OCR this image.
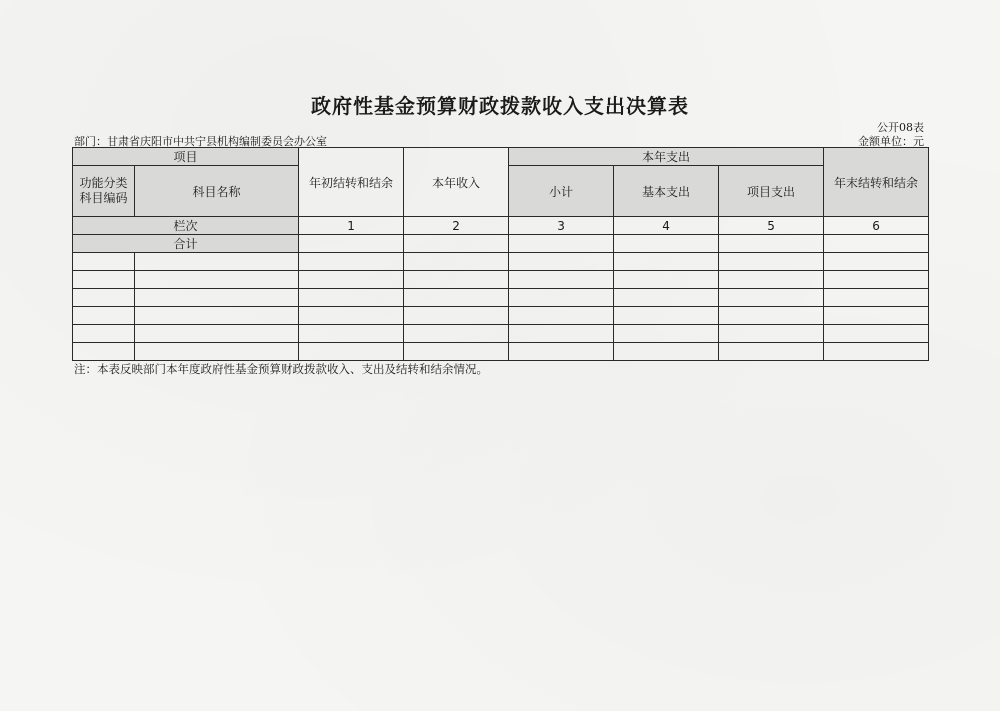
政府性基金预算财政拨款收入支出决算表
公开08表
部门：甘肃省庆阳市中共宁县机构编制委员会办公室	金额单位：元
项目		年初结转和结余	本年收入	本年支出			年末结转和结余
功能分类
科目编码	科目名称			小计	基本支出	项目支出	
栏次		1	2	3	4	5	6
合计							

注：本表反映部门本年度政府性基金预算财政拨款收入、支出及结转和结余情况。
